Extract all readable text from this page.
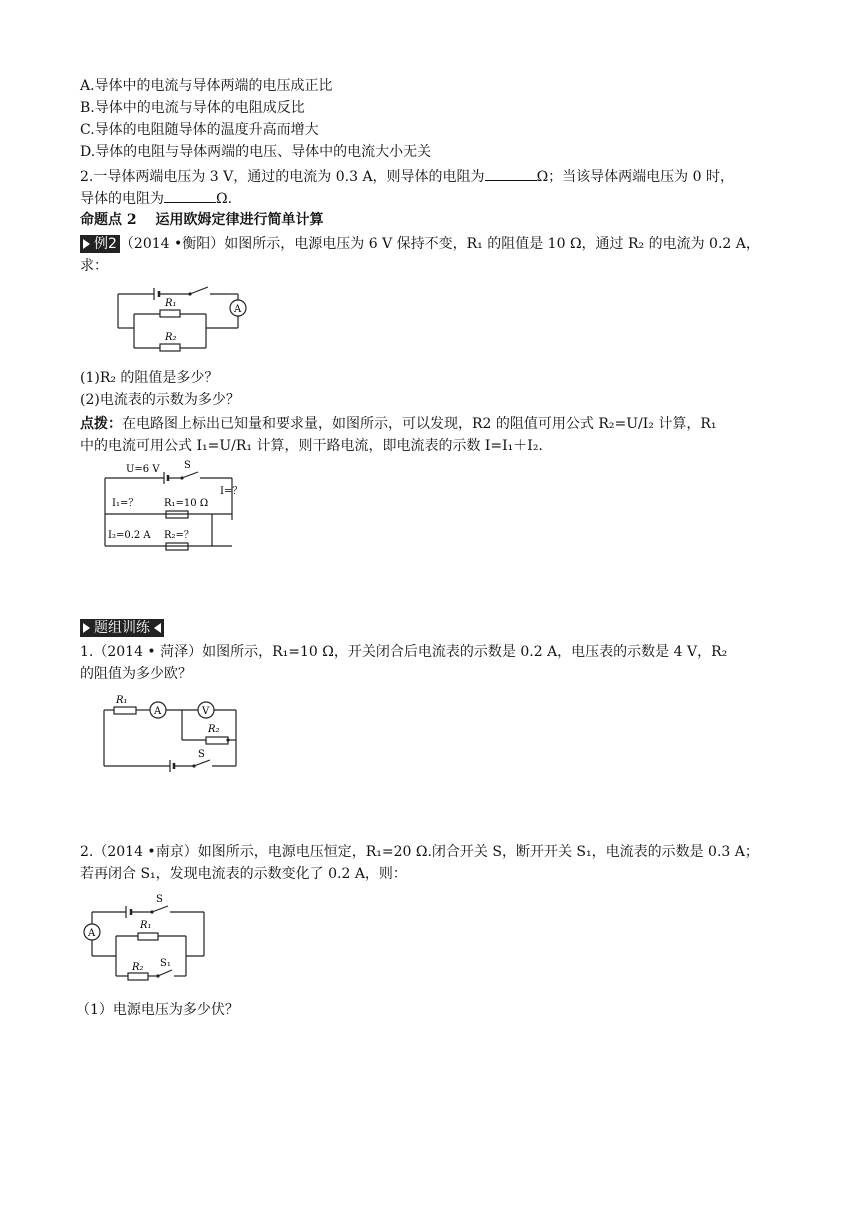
A.导体中的电流与导体两端的电压成正比
B.导体中的电流与导体的电阻成反比
C.导体的电阻随导体的温度升高而增大
D.导体的电阻与导体两端的电压、导体中的电流大小无关
2.一导体两端电压为 3 V，通过的电流为 0.3 A，则导体的电阻为	Ω；当该导体两端电压为 0 时，
导体的电阻为	Ω.
命题点 2　 运用欧姆定律进行简单计算
例2 （2014 •衡阳）如图所示，电源电压为 6 V 保持不变，R₁ 的阻值是 10 Ω，通过 R₂ 的电流为 0.2 A，
求：
R₁
R₂
A
(1)R₂ 的阻值是多少？
(2)电流表的示数为多少？
点拨：在电路图上标出已知量和要求量，如图所示，可以发现，R2 的阻值可用公式 R₂=U/I₂ 计算，R₁
中的电流可用公式 I₁=U/R₁ 计算，则干路电流，即电流表的示数 I=I₁＋I₂.
U=6 V S
I₁=？	R₁=10 Ω
I=？
I₂=0.2 A R₂=？
题组训练
1.（2014 • 菏泽）如图所示，R₁=10 Ω，开关闭合后电流表的示数是 0.2 A，电压表的示数是 4 V，R₂
的阻值为多少欧？
R₁
A	V
R₂
S
2.（2014 •南京）如图所示，电源电压恒定，R₁=20 Ω.闭合开关 S，断开开关 S₁，电流表的示数是 0.3 A；
若再闭合 S₁，发现电流表的示数变化了 0.2 A，则：
S
R₁
A
R₂ S₁
（1）电源电压为多少伏？
